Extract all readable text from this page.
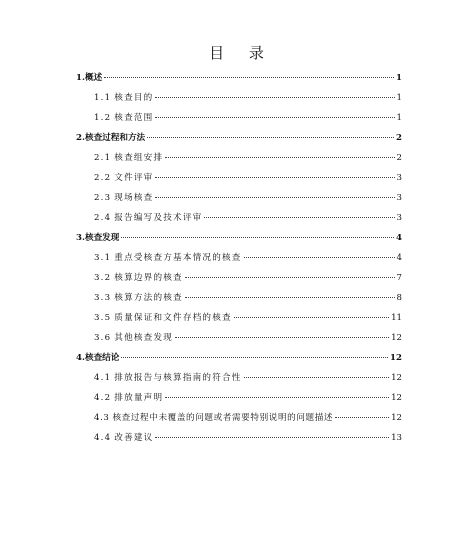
目 录
1. 概述	1
1.1 核查目的	1
1.2 核查范围	1
2. 核查过程和方法	2
2.1 核查组安排	2
2.2 文件评审	3
2.3 现场核查	3
2.4 报告编写及技术评审	3
3. 核查发现	4
3.1 重点受核查方基本情况的核查	4
3.2 核算边界的核查	7
3.3 核算方法的核查	8
3.5 质量保证和文件存档的核查	11
3.6 其他核查发现	12
4. 核查结论	12
4.1 排放报告与核算指南的符合性	12
4.2 排放量声明	12
4.3 核查过程中未覆盖的问题或者需要特别说明的问题描述	12
4.4 改善建议	13
